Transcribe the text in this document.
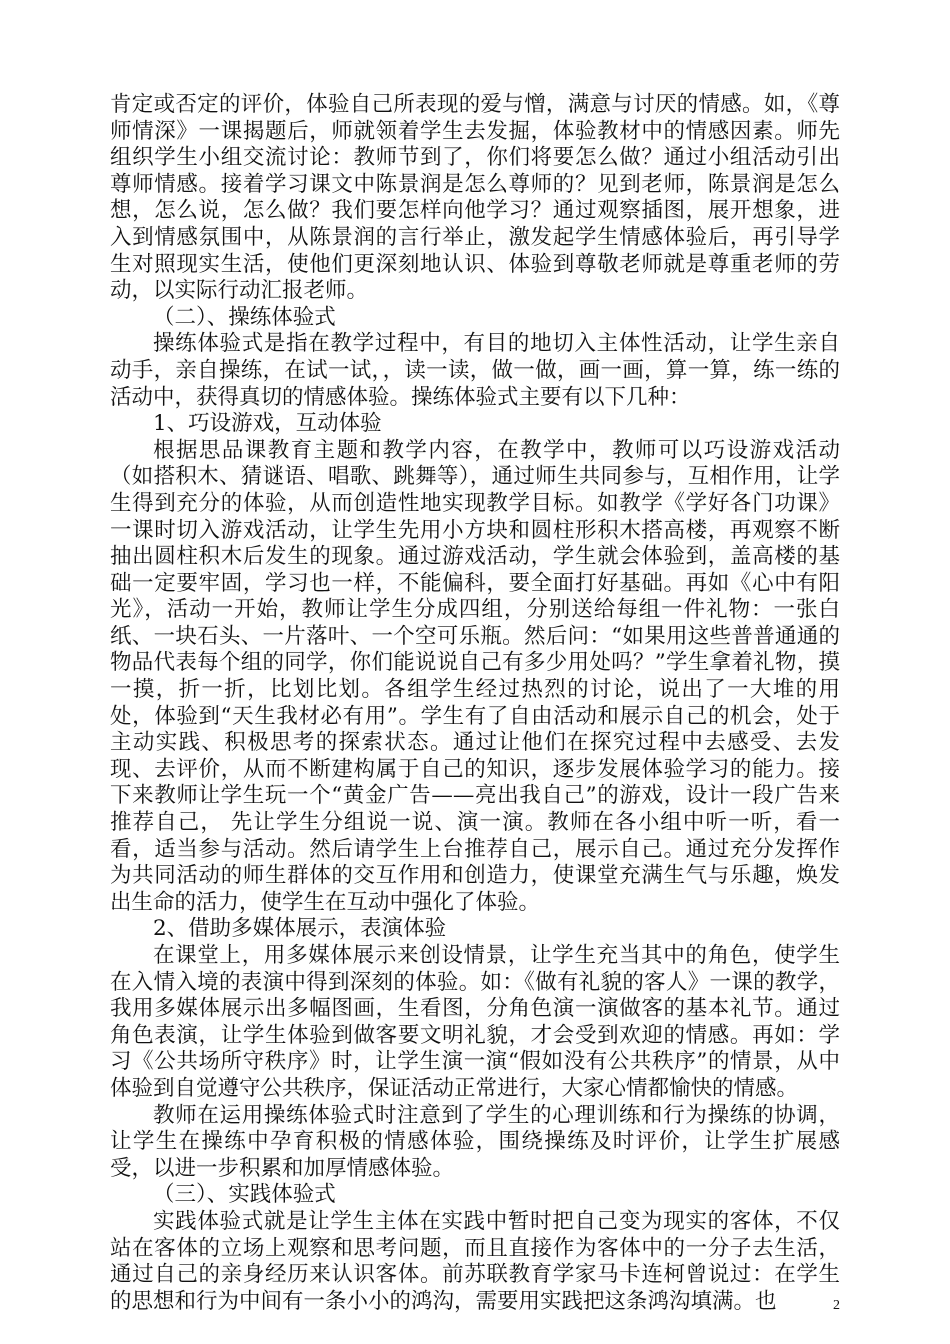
肯定或否定的评价，体验自己所表现的爱与憎，满意与讨厌的情感。如，《尊师情深》一课揭题后，师就领着学生去发掘，体验教材中的情感因素。师先组织学生小组交流讨论：教师节到了，你们将要怎么做？通过小组活动引出尊师情感。接着学习课文中陈景润是怎么尊师的？见到老师，陈景润是怎么想，怎么说，怎么做？我们要怎样向他学习？通过观察插图，展开想象，进入到情感氛围中，从陈景润的言行举止，激发起学生情感体验后，再引导学生对照现实生活，使他们更深刻地认识、体验到尊敬老师就是尊重老师的劳动，以实际行动汇报老师。

（二）、操练体验式

操练体验式是指在教学过程中，有目的地切入主体性活动，让学生亲自动手，亲自操练，在试一试，，读一读，做一做，画一画，算一算，练一练的活动中，获得真切的情感体验。操练体验式主要有以下几种：

1、巧设游戏，互动体验

根据思品课教育主题和教学内容，在教学中，教师可以巧设游戏活动（如搭积木、猜谜语、唱歌、跳舞等），通过师生共同参与，互相作用，让学生得到充分的体验，从而创造性地实现教学目标。如教学《学好各门功课》一课时切入游戏活动，让学生先用小方块和圆柱形积木搭高楼，再观察不断抽出圆柱积木后发生的现象。通过游戏活动，学生就会体验到，盖高楼的基础一定要牢固，学习也一样，不能偏科，要全面打好基础。再如《心中有阳光》，活动一开始，教师让学生分成四组，分别送给每组一件礼物：一张白纸、一块石头、一片落叶、一个空可乐瓶。然后问：“如果用这些普普通通的物品代表每个组的同学，你们能说说自己有多少用处吗？”学生拿着礼物，摸一摸，折一折，比划比划。各组学生经过热烈的讨论，说出了一大堆的用处，体验到“天生我材必有用”。学生有了自由活动和展示自己的机会，处于主动实践、积极思考的探索状态。通过让他们在探究过程中去感受、去发现、去评价，从而不断建构属于自己的知识，逐步发展体验学习的能力。接下来教师让学生玩一个“黄金广告——亮出我自己”的游戏，设计一段广告来推荐自己， 先让学生分组说一说、演一演。教师在各小组中听一听，看一看，适当参与活动。然后请学生上台推荐自己，展示自己。通过充分发挥作为共同活动的师生群体的交互作用和创造力，使课堂充满生气与乐趣，焕发出生命的活力，使学生在互动中强化了体验。

2、借助多媒体展示，表演体验

在课堂上，用多媒体展示来创设情景，让学生充当其中的角色，使学生在入情入境的表演中得到深刻的体验。如：《做有礼貌的客人》一课的教学，我用多媒体展示出多幅图画，生看图，分角色演一演做客的基本礼节。通过角色表演，让学生体验到做客要文明礼貌，才会受到欢迎的情感。再如：学习《公共场所守秩序》时，让学生演一演“假如没有公共秩序”的情景，从中体验到自觉遵守公共秩序，保证活动正常进行，大家心情都愉快的情感。

教师在运用操练体验式时注意到了学生的心理训练和行为操练的协调，让学生在操练中孕育积极的情感体验，围绕操练及时评价，让学生扩展感受，以进一步积累和加厚情感体验。

（三）、实践体验式

实践体验式就是让学生主体在实践中暂时把自己变为现实的客体，不仅站在客体的立场上观察和思考问题，而且直接作为客体中的一分子去生活，通过自己的亲身经历来认识客体。前苏联教育学家马卡连柯曾说过：在学生的思想和行为中间有一条小小的鸿沟，需要用实践把这条鸿沟填满。也	2
